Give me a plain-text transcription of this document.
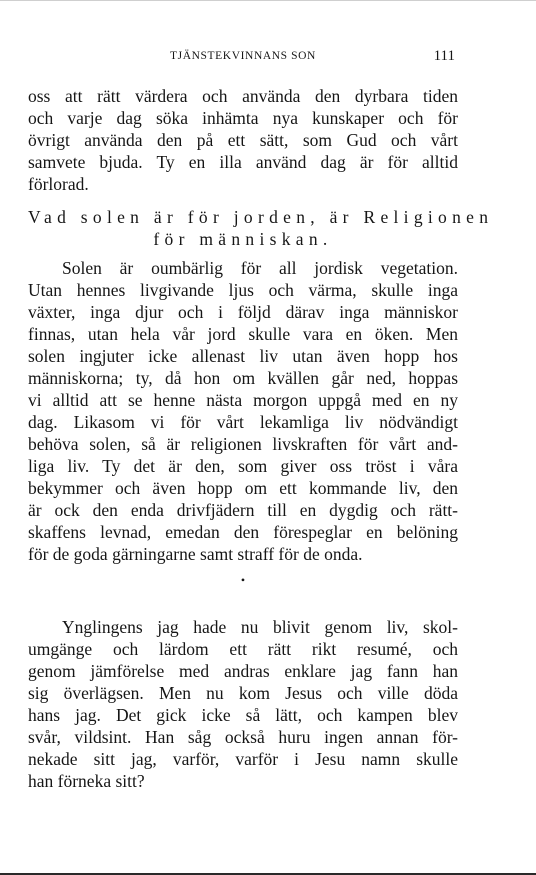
TJÄNSTEKVINNANS SON	111
oss att rätt värdera och använda den dyrbara tiden
och varje dag söka inhämta nya kunskaper och för
övrigt använda den på ett sätt, som Gud och vårt
samvete bjuda. Ty en illa använd dag är för alltid
förlorad.
Vad solen är för jorden, är Religionen
för människan.
Solen är oumbärlig för all jordisk vegetation.
Utan hennes livgivande ljus och värma, skulle inga
växter, inga djur och i följd därav inga människor
finnas, utan hela vår jord skulle vara en öken. Men
solen ingjuter icke allenast liv utan även hopp hos
människorna; ty, då hon om kvällen går ned, hoppas
vi alltid att se henne nästa morgon uppgå med en ny
dag. Likasom vi för vårt lekamliga liv nödvändigt
behöva solen, så är religionen livskraften för vårt and-
liga liv. Ty det är den, som giver oss tröst i våra
bekymmer och även hopp om ett kommande liv, den
är ock den enda drivfjädern till en dygdig och rätt-
skaffens levnad, emedan den förespeglar en belöning
för de goda gärningarne samt straff för de onda.
•
Ynglingens jag hade nu blivit genom liv, skol-
umgänge och lärdom ett rätt rikt resumé, och
genom jämförelse med andras enklare jag fann han
sig överlägsen. Men nu kom Jesus och ville döda
hans jag. Det gick icke så lätt, och kampen blev
svår, vildsint. Han såg också huru ingen annan för-
nekade sitt jag, varför, varför i Jesu namn skulle
han förneka sitt?
